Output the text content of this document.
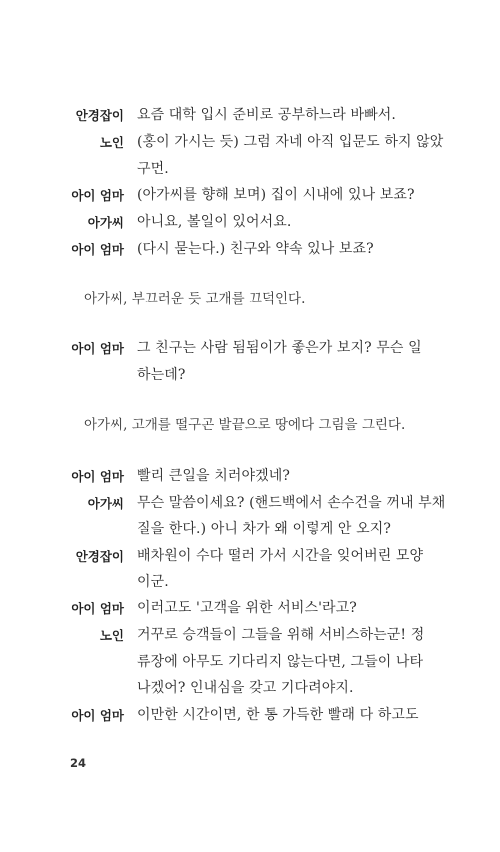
안경잡이
노인
아이 엄마
아가씨
아이 엄마
아이 엄마
아이 엄마
아가씨
안경잡이
아이 엄마
노인
아이 엄마
요즘 대학 입시 준비로 공부하느라 바빠서.
(홍이 가시는 듯) 그럼 자네 아직 입문도 하지 않았
구먼.
(아가씨를 향해 보며) 집이 시내에 있나 보죠?
아니요, 볼일이 있어서요.
(다시 묻는다.) 친구와 약속 있나 보죠?
아가씨, 부끄러운 듯 고개를 끄덕인다.
그 친구는 사람 됨됨이가 좋은가 보지? 무슨 일
하는데?
아가씨, 고개를 떨구곤 발끝으로 땅에다 그림을 그린다.
빨리 큰일을 치러야겠네?
무슨 말씀이세요? (핸드백에서 손수건을 꺼내 부채
질을 한다.) 아니 차가 왜 이렇게 안 오지?
배차원이 수다 떨러 가서 시간을 잊어버린 모양
이군.
이러고도 '고객을 위한 서비스'라고?
거꾸로 승객들이 그들을 위해 서비스하는군! 정
류장에 아무도 기다리지 않는다면, 그들이 나타
나겠어? 인내심을 갖고 기다려야지.
이만한 시간이면, 한 통 가득한 빨래 다 하고도
24
